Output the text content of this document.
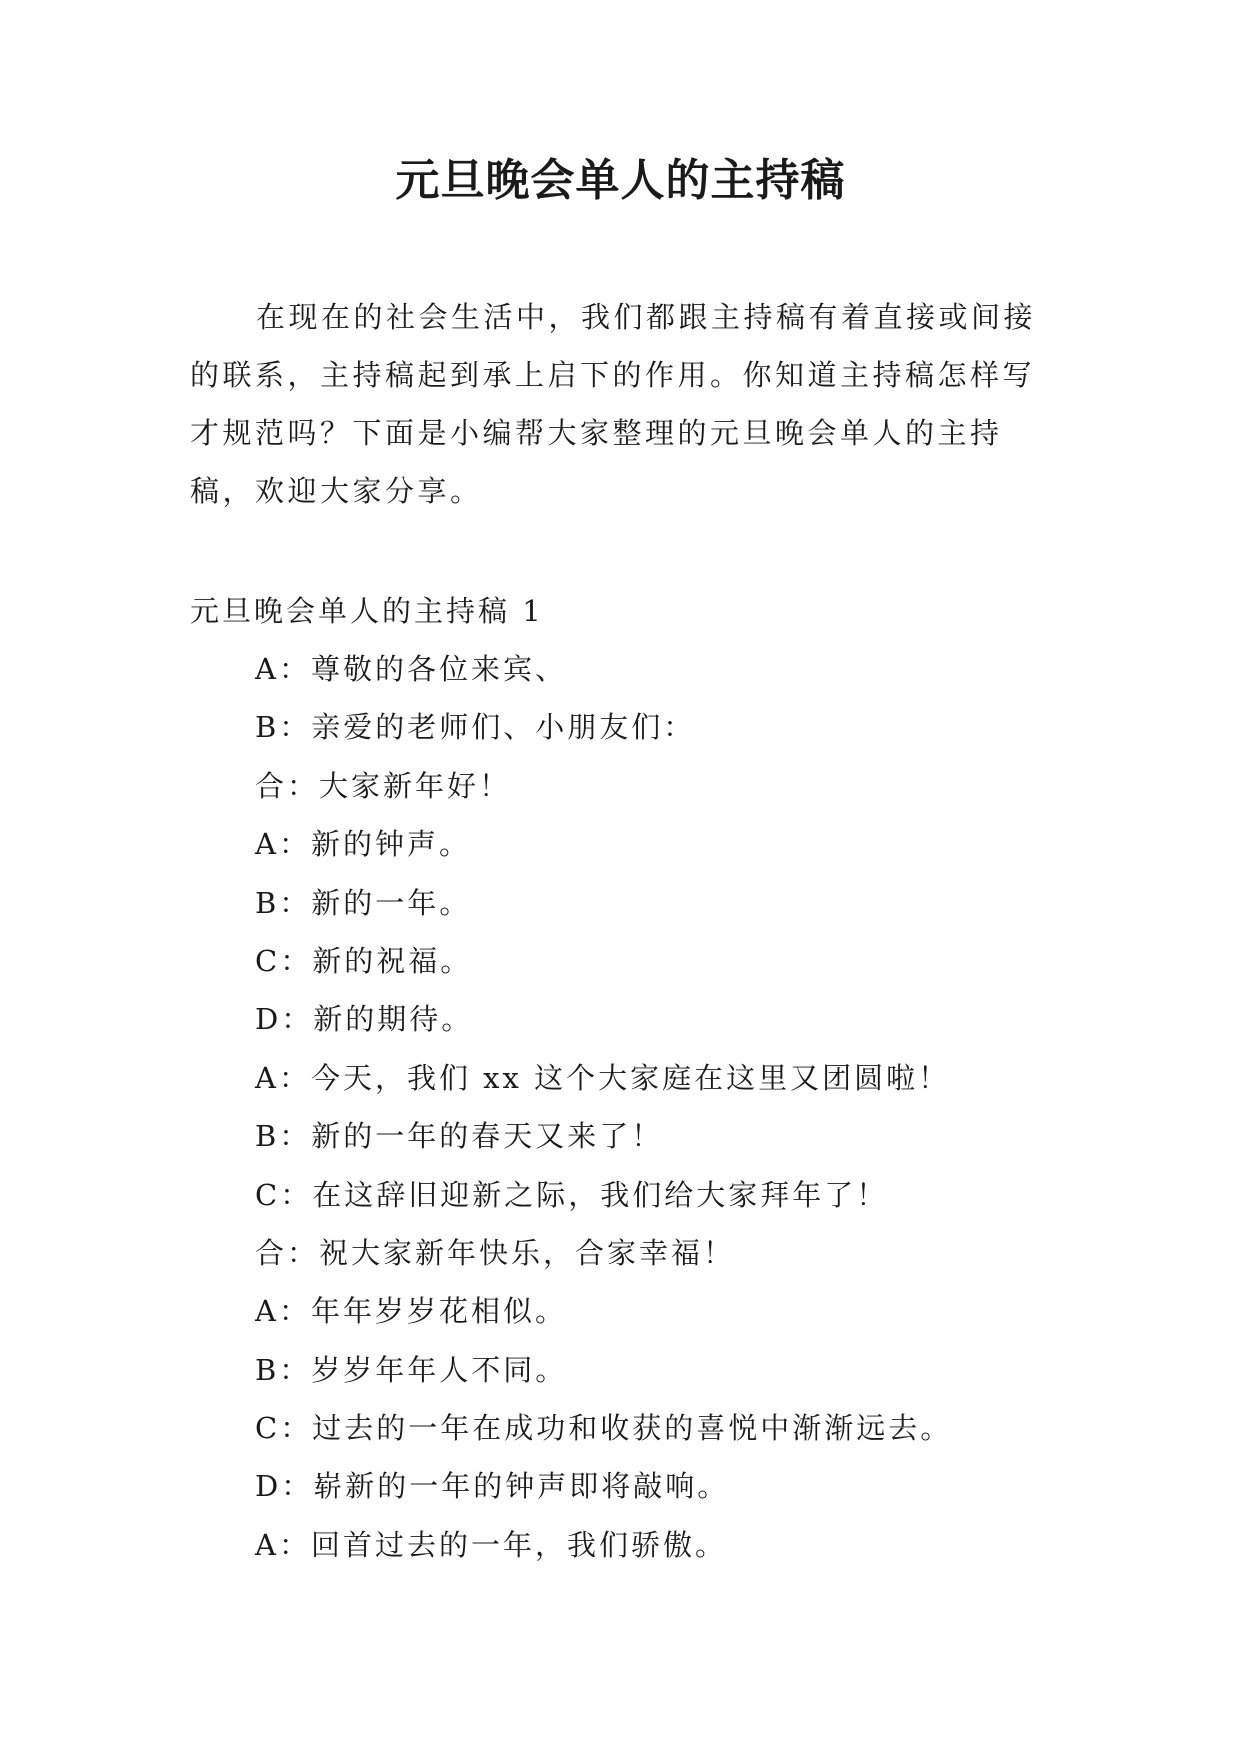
元旦晚会单人的主持稿

在现在的社会生活中，我们都跟主持稿有着直接或间接
的联系，主持稿起到承上启下的作用。你知道主持稿怎样写
才规范吗？下面是小编帮大家整理的元旦晚会单人的主持
稿，欢迎大家分享。

元旦晚会单人的主持稿 1
A：尊敬的各位来宾、
B：亲爱的老师们、小朋友们：
合：大家新年好！
A：新的钟声。
B：新的一年。
C：新的祝福。
D：新的期待。
A：今天，我们 xx 这个大家庭在这里又团圆啦！
B：新的一年的春天又来了！
C：在这辞旧迎新之际，我们给大家拜年了！
合：祝大家新年快乐，合家幸福！
A：年年岁岁花相似。
B：岁岁年年人不同。
C：过去的一年在成功和收获的喜悦中渐渐远去。
D：崭新的一年的钟声即将敲响。
A：回首过去的一年，我们骄傲。
